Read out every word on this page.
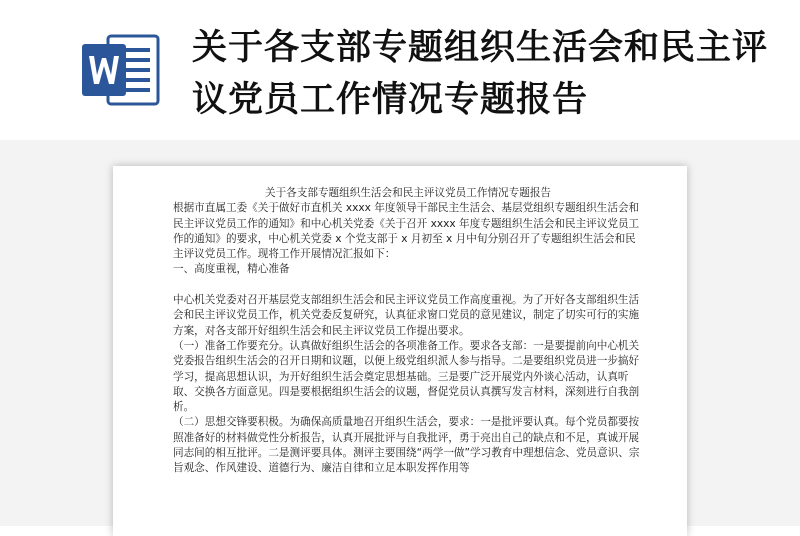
关于各支部专题组织生活会和民主评议党员工作情况专题报告

关于各支部专题组织生活会和民主评议党员工作情况专题报告

根据市直属工委《关于做好市直机关 xxxx 年度领导干部民主生活会、基层党组织专题组织生活会和民主评议党员工作的通知》和中心机关党委《关于召开 xxxx 年度专题组织生活会和民主评议党员工作的通知》的要求，中心机关党委 x 个党支部于 x 月初至 x 月中旬分别召开了专题组织生活会和民主评议党员工作。现将工作开展情况汇报如下：

一、高度重视，精心准备

中心机关党委对召开基层党支部组织生活会和民主评议党员工作高度重视。为了开好各支部组织生活会和民主评议党员工作，机关党委反复研究，认真征求窗口党员的意见建议，制定了切实可行的实施方案，对各支部开好组织生活会和民主评议党员工作提出要求。

（一）准备工作要充分。认真做好组织生活会的各项准备工作。要求各支部：一是要提前向中心机关党委报告组织生活会的召开日期和议题，以便上级党组织派人参与指导。二是要组织党员进一步搞好学习，提高思想认识，为开好组织生活会奠定思想基础。三是要广泛开展党内外谈心活动，认真听取、交换各方面意见。四是要根据组织生活会的议题，督促党员认真撰写发言材料，深刻进行自我剖析。

（二）思想交锋要积极。为确保高质量地召开组织生活会，要求：一是批评要认真。每个党员都要按照准备好的材料做党性分析报告，认真开展批评与自我批评，勇于亮出自己的缺点和不足，真诚开展同志间的相互批评。二是测评要具体。测评主要围绕“两学一做”学习教育中理想信念、党员意识、宗旨观念、作风建设、道德行为、廉洁自律和立足本职发挥作用等
